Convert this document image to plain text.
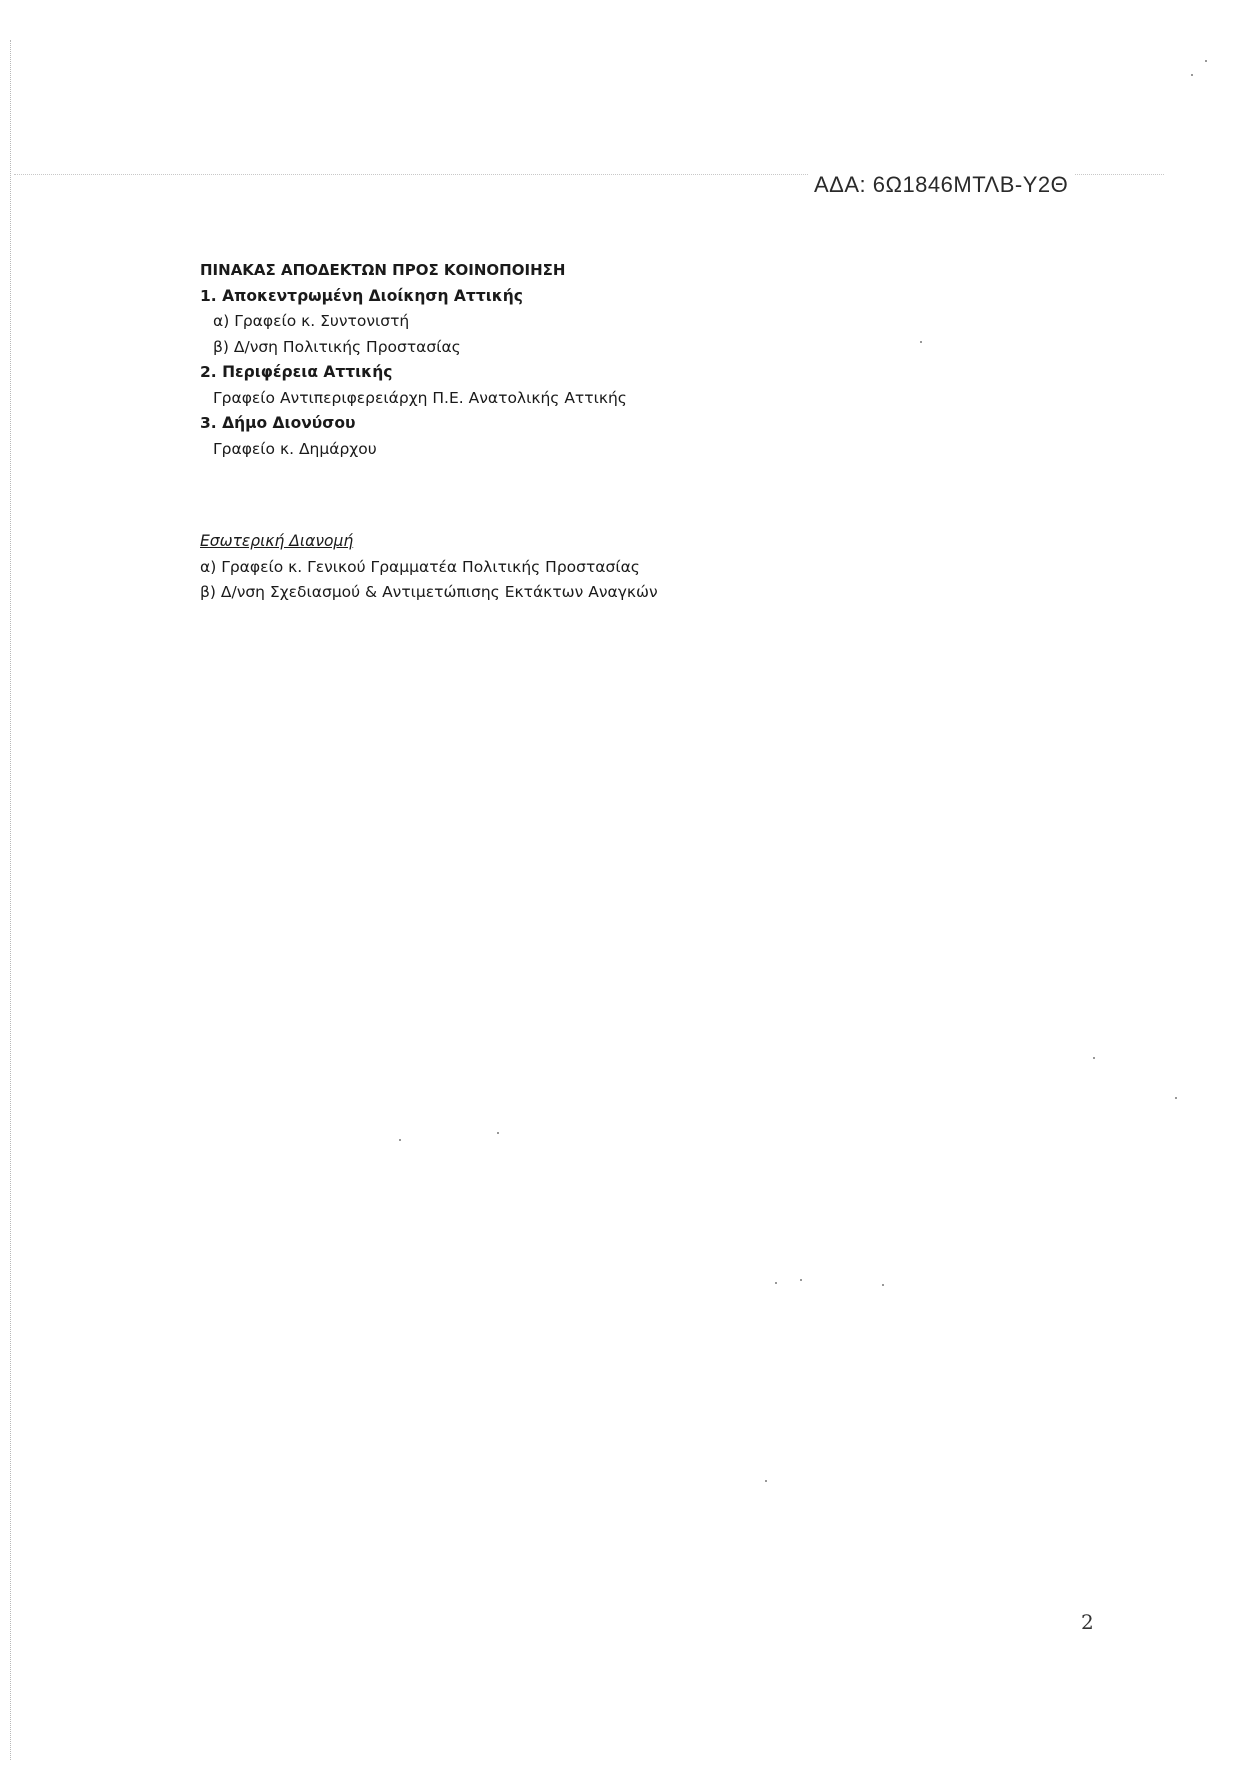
ΑΔΑ: 6Ω1846ΜΤΛΒ-Υ2Θ
ΠΙΝΑΚΑΣ ΑΠΟΔΕΚΤΩΝ ΠΡΟΣ ΚΟΙΝΟΠΟΙΗΣΗ
1. Αποκεντρωμένη Διοίκηση Αττικής
α) Γραφείο κ. Συντονιστή
β) Δ/νση Πολιτικής Προστασίας
2. Περιφέρεια Αττικής
Γραφείο Αντιπεριφερειάρχη Π.Ε. Ανατολικής Αττικής
3. Δήμο Διονύσου
Γραφείο κ. Δημάρχου
Εσωτερική Διανομή
α) Γραφείο κ. Γενικού Γραμματέα Πολιτικής Προστασίας
β) Δ/νση Σχεδιασμού & Αντιμετώπισης Εκτάκτων Αναγκών
2
